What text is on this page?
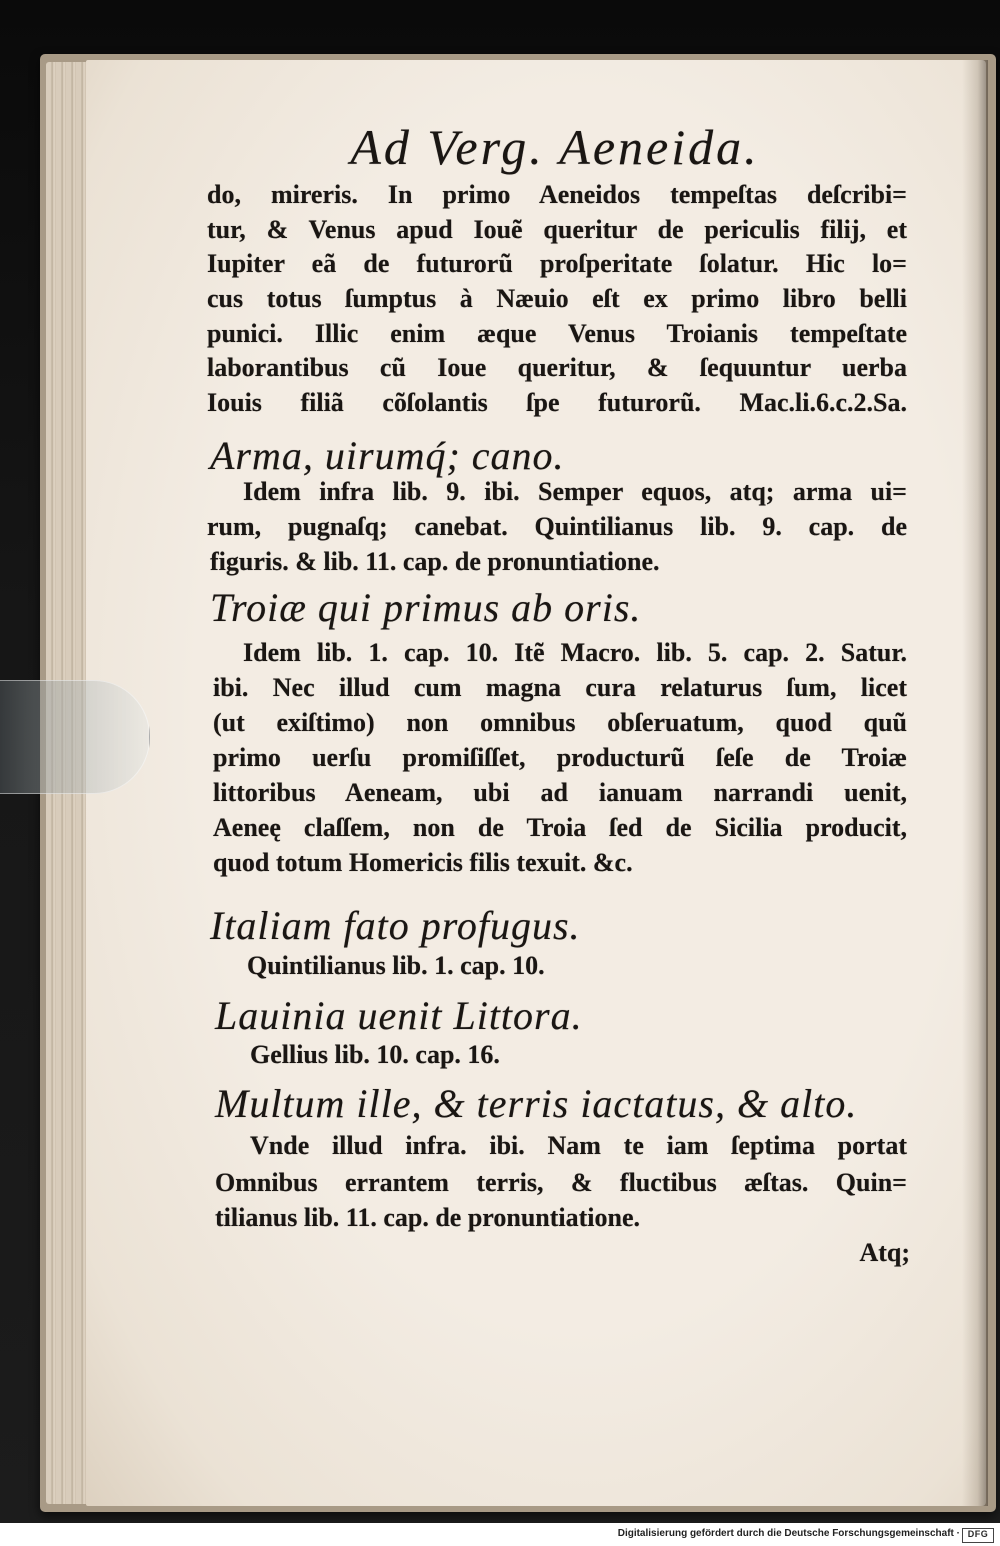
Ad Verg. Aeneida.
do, mireris. In primo Aeneidos tempeſtas deſcribi=
tur, & Venus apud Iouẽ queritur de periculis filij, et
Iupiter eã de futurorũ proſperitate ſolatur. Hic lo=
cus totus ſumptus à Næuio eſt ex primo libro belli
punici. Illic enim æque Venus Troianis tempeſtate
laborantibus cũ Ioue queritur, & ſequuntur uerba
Iouis filiã cõſolantis ſpe futurorũ. Mac.li.6.c.2.Sa.
Arma, uirumq́; cano.
Idem infra lib. 9. ibi. Semper equos, atq; arma ui=
rum, pugnaſq; canebat. Quintilianus lib. 9. cap. de
figuris. & lib. 11. cap. de pronuntiatione.
Troiæ qui primus ab oris.
Idem lib. 1. cap. 10. Itẽ Macro. lib. 5. cap. 2. Satur.
ibi. Nec illud cum magna cura relaturus ſum, licet
(ut exiſtimo) non omnibus obſeruatum, quod quũ
primo uerſu promiſiſſet, producturũ ſeſe de Troiæ
littoribus Aeneam, ubi ad ianuam narrandi uenit,
Aeneę claſſem, non de Troia ſed de Sicilia producit,
quod totum Homericis filis texuit. &c.
Italiam fato profugus.
Quintilianus lib. 1. cap. 10.
Lauinia uenit Littora.
Gellius lib. 10. cap. 16.
Multum ille, & terris iactatus, & alto.
Vnde illud infra. ibi. Nam te iam ſeptima portat
Omnibus errantem terris, & fluctibus æſtas. Quin=
tilianus lib. 11. cap. de pronuntiatione.
Atq;
Digitalisierung gefördert durch die Deutsche Forschungsgemeinschaft · DFG
